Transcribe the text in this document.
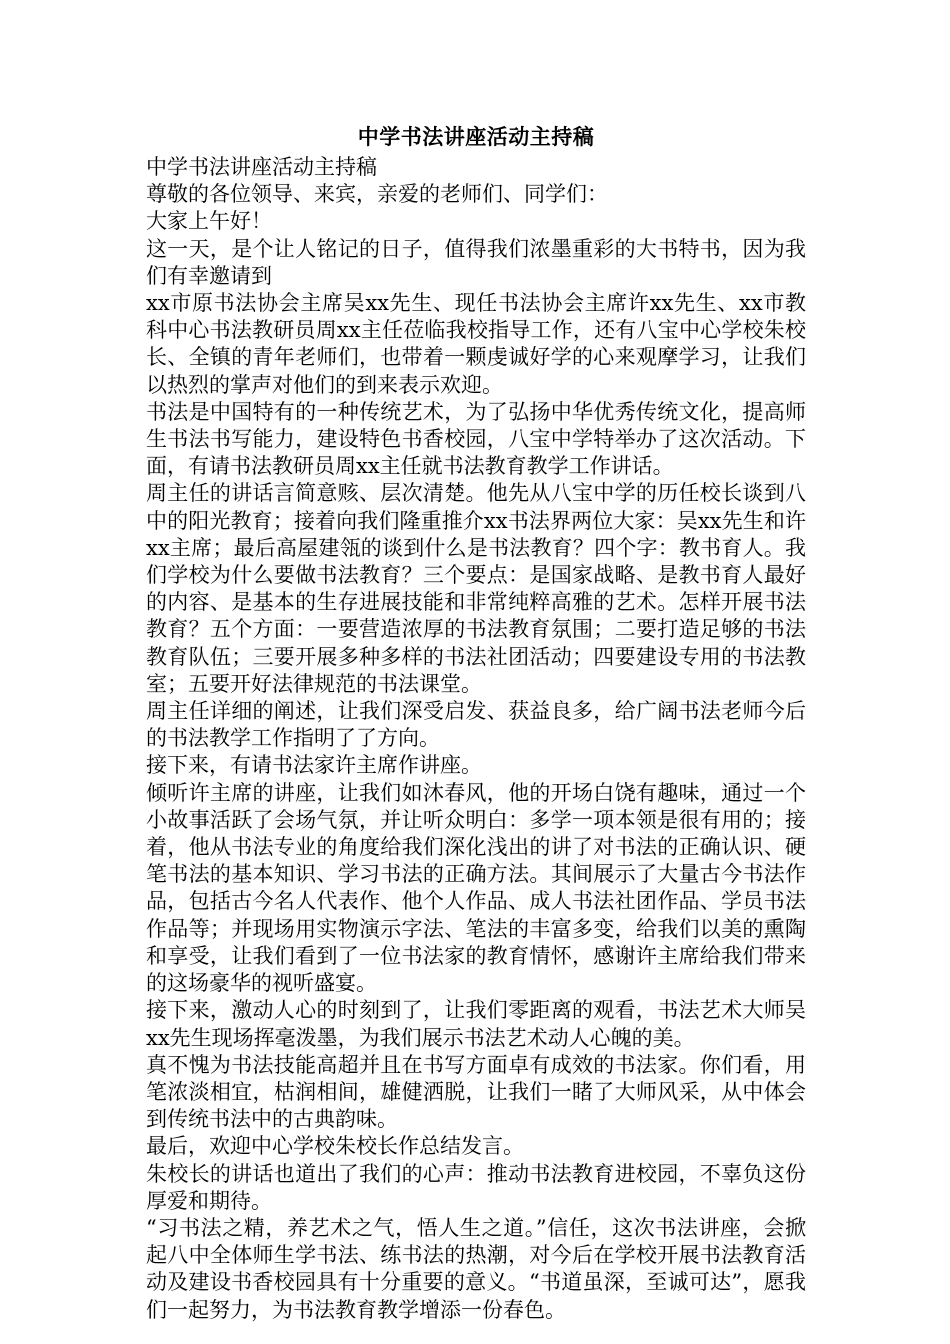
中学书法讲座活动主持稿

中学书法讲座活动主持稿

尊敬的各位领导、来宾，亲爱的老师们、同学们：

大家上午好！

这一天，是个让人铭记的日子，值得我们浓墨重彩的大书特书，因为我们有幸邀请到

xx市原书法协会主席吴xx先生、现任书法协会主席许xx先生、xx市教科中心书法教研员周xx主任莅临我校指导工作，还有八宝中心学校朱校长、全镇的青年老师们，也带着一颗虔诚好学的心来观摩学习，让我们以热烈的掌声对他们的到来表示欢迎。

书法是中国特有的一种传统艺术，为了弘扬中华优秀传统文化，提高师生书法书写能力，建设特色书香校园，八宝中学特举办了这次活动。下面，有请书法教研员周xx主任就书法教育教学工作讲话。

周主任的讲话言简意赅、层次清楚。他先从八宝中学的历任校长谈到八中的阳光教育；接着向我们隆重推介xx书法界两位大家：吴xx先生和许xx主席；最后高屋建瓴的谈到什么是书法教育？四个字：教书育人。我们学校为什么要做书法教育？三个要点：是国家战略、是教书育人最好的内容、是基本的生存进展技能和非常纯粹高雅的艺术。怎样开展书法教育？五个方面：一要营造浓厚的书法教育氛围；二要打造足够的书法教育队伍；三要开展多种多样的书法社团活动；四要建设专用的书法教室；五要开好法律规范的书法课堂。

周主任详细的阐述，让我们深受启发、获益良多，给广阔书法老师今后的书法教学工作指明了了方向。

接下来，有请书法家许主席作讲座。

倾听许主席的讲座，让我们如沐春风，他的开场白饶有趣味，通过一个小故事活跃了会场气氛，并让听众明白：多学一项本领是很有用的；接着，他从书法专业的角度给我们深化浅出的讲了对书法的正确认识、硬笔书法的基本知识、学习书法的正确方法。其间展示了大量古今书法作品，包括古今名人代表作、他个人作品、成人书法社团作品、学员书法作品等；并现场用实物演示字法、笔法的丰富多变，给我们以美的熏陶和享受，让我们看到了一位书法家的教育情怀，感谢许主席给我们带来的这场豪华的视听盛宴。

接下来，激动人心的时刻到了，让我们零距离的观看，书法艺术大师吴xx先生现场挥毫泼墨，为我们展示书法艺术动人心魄的美。

真不愧为书法技能高超并且在书写方面卓有成效的书法家。你们看，用笔浓淡相宜，枯润相间，雄健洒脱，让我们一睹了大师风采，从中体会到传统书法中的古典韵味。

最后，欢迎中心学校朱校长作总结发言。

朱校长的讲话也道出了我们的心声：推动书法教育进校园，不辜负这份厚爱和期待。

“习书法之精，养艺术之气，悟人生之道。”信任，这次书法讲座，会掀起八中全体师生学书法、练书法的热潮，对今后在学校开展书法教育活动及建设书香校园具有十分重要的意义。“书道虽深，至诚可达”，愿我们一起努力，为书法教育教学增添一份春色。
